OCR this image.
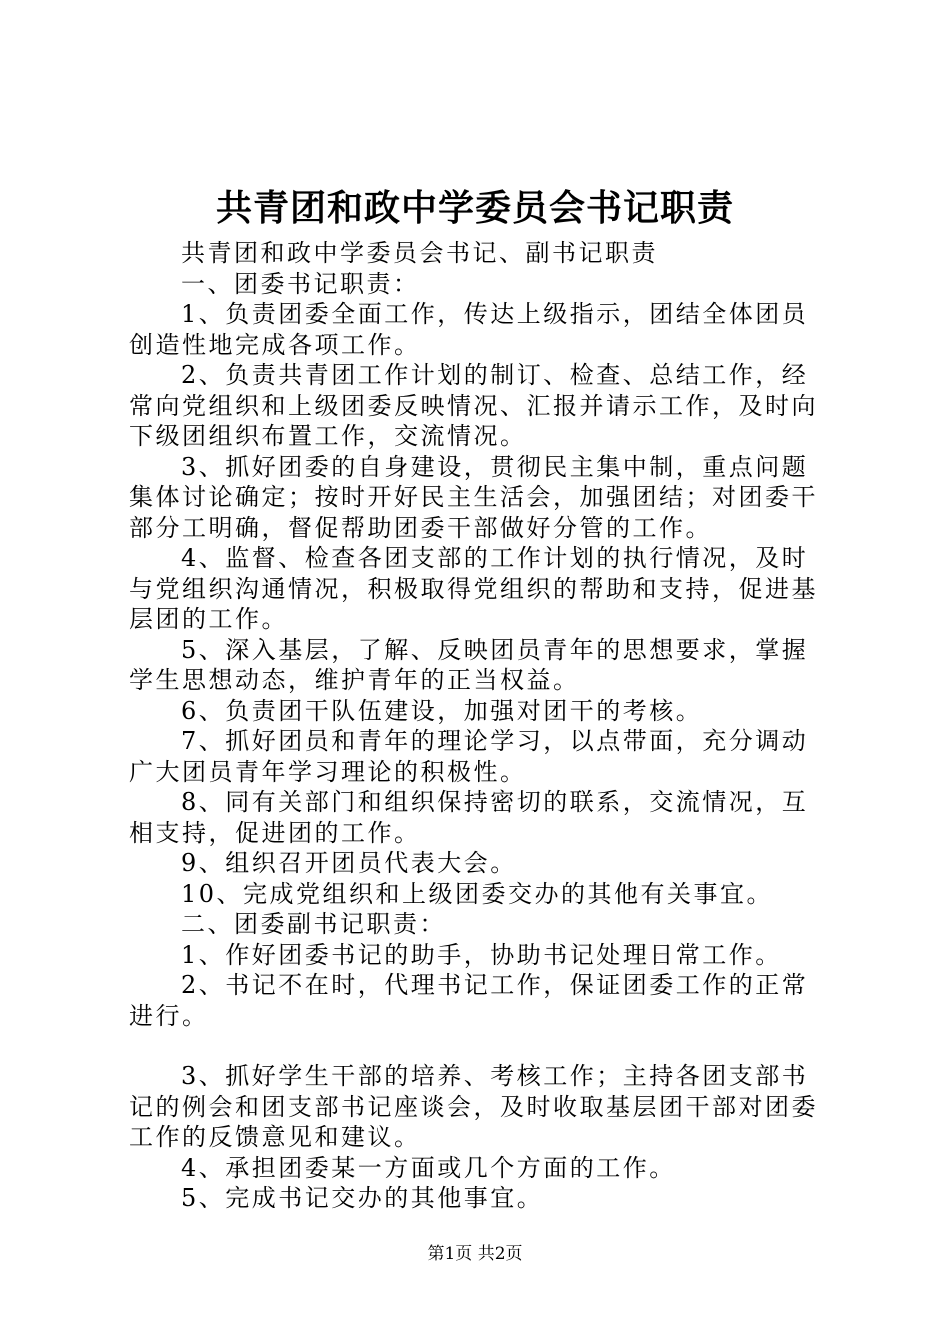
共青团和政中学委员会书记职责

共青团和政中学委员会书记、副书记职责

一、团委书记职责：

1、负责团委全面工作，传达上级指示，团结全体团员创造性地完成各项工作。

2、负责共青团工作计划的制订、检查、总结工作，经常向党组织和上级团委反映情况、汇报并请示工作，及时向下级团组织布置工作，交流情况。

3、抓好团委的自身建设，贯彻民主集中制，重点问题集体讨论确定；按时开好民主生活会，加强团结；对团委干部分工明确，督促帮助团委干部做好分管的工作。

4、监督、检查各团支部的工作计划的执行情况，及时与党组织沟通情况，积极取得党组织的帮助和支持，促进基层团的工作。

5、深入基层，了解、反映团员青年的思想要求，掌握学生思想动态，维护青年的正当权益。

6、负责团干队伍建设，加强对团干的考核。

7、抓好团员和青年的理论学习，以点带面，充分调动广大团员青年学习理论的积极性。

8、同有关部门和组织保持密切的联系，交流情况，互相支持，促进团的工作。

9、组织召开团员代表大会。

10、完成党组织和上级团委交办的其他有关事宜。

二、团委副书记职责：

1、作好团委书记的助手，协助书记处理日常工作。

2、书记不在时，代理书记工作，保证团委工作的正常进行。

3、抓好学生干部的培养、考核工作；主持各团支部书记的例会和团支部书记座谈会，及时收取基层团干部对团委工作的反馈意见和建议。

4、承担团委某一方面或几个方面的工作。

5、完成书记交办的其他事宜。

第1页 共2页
